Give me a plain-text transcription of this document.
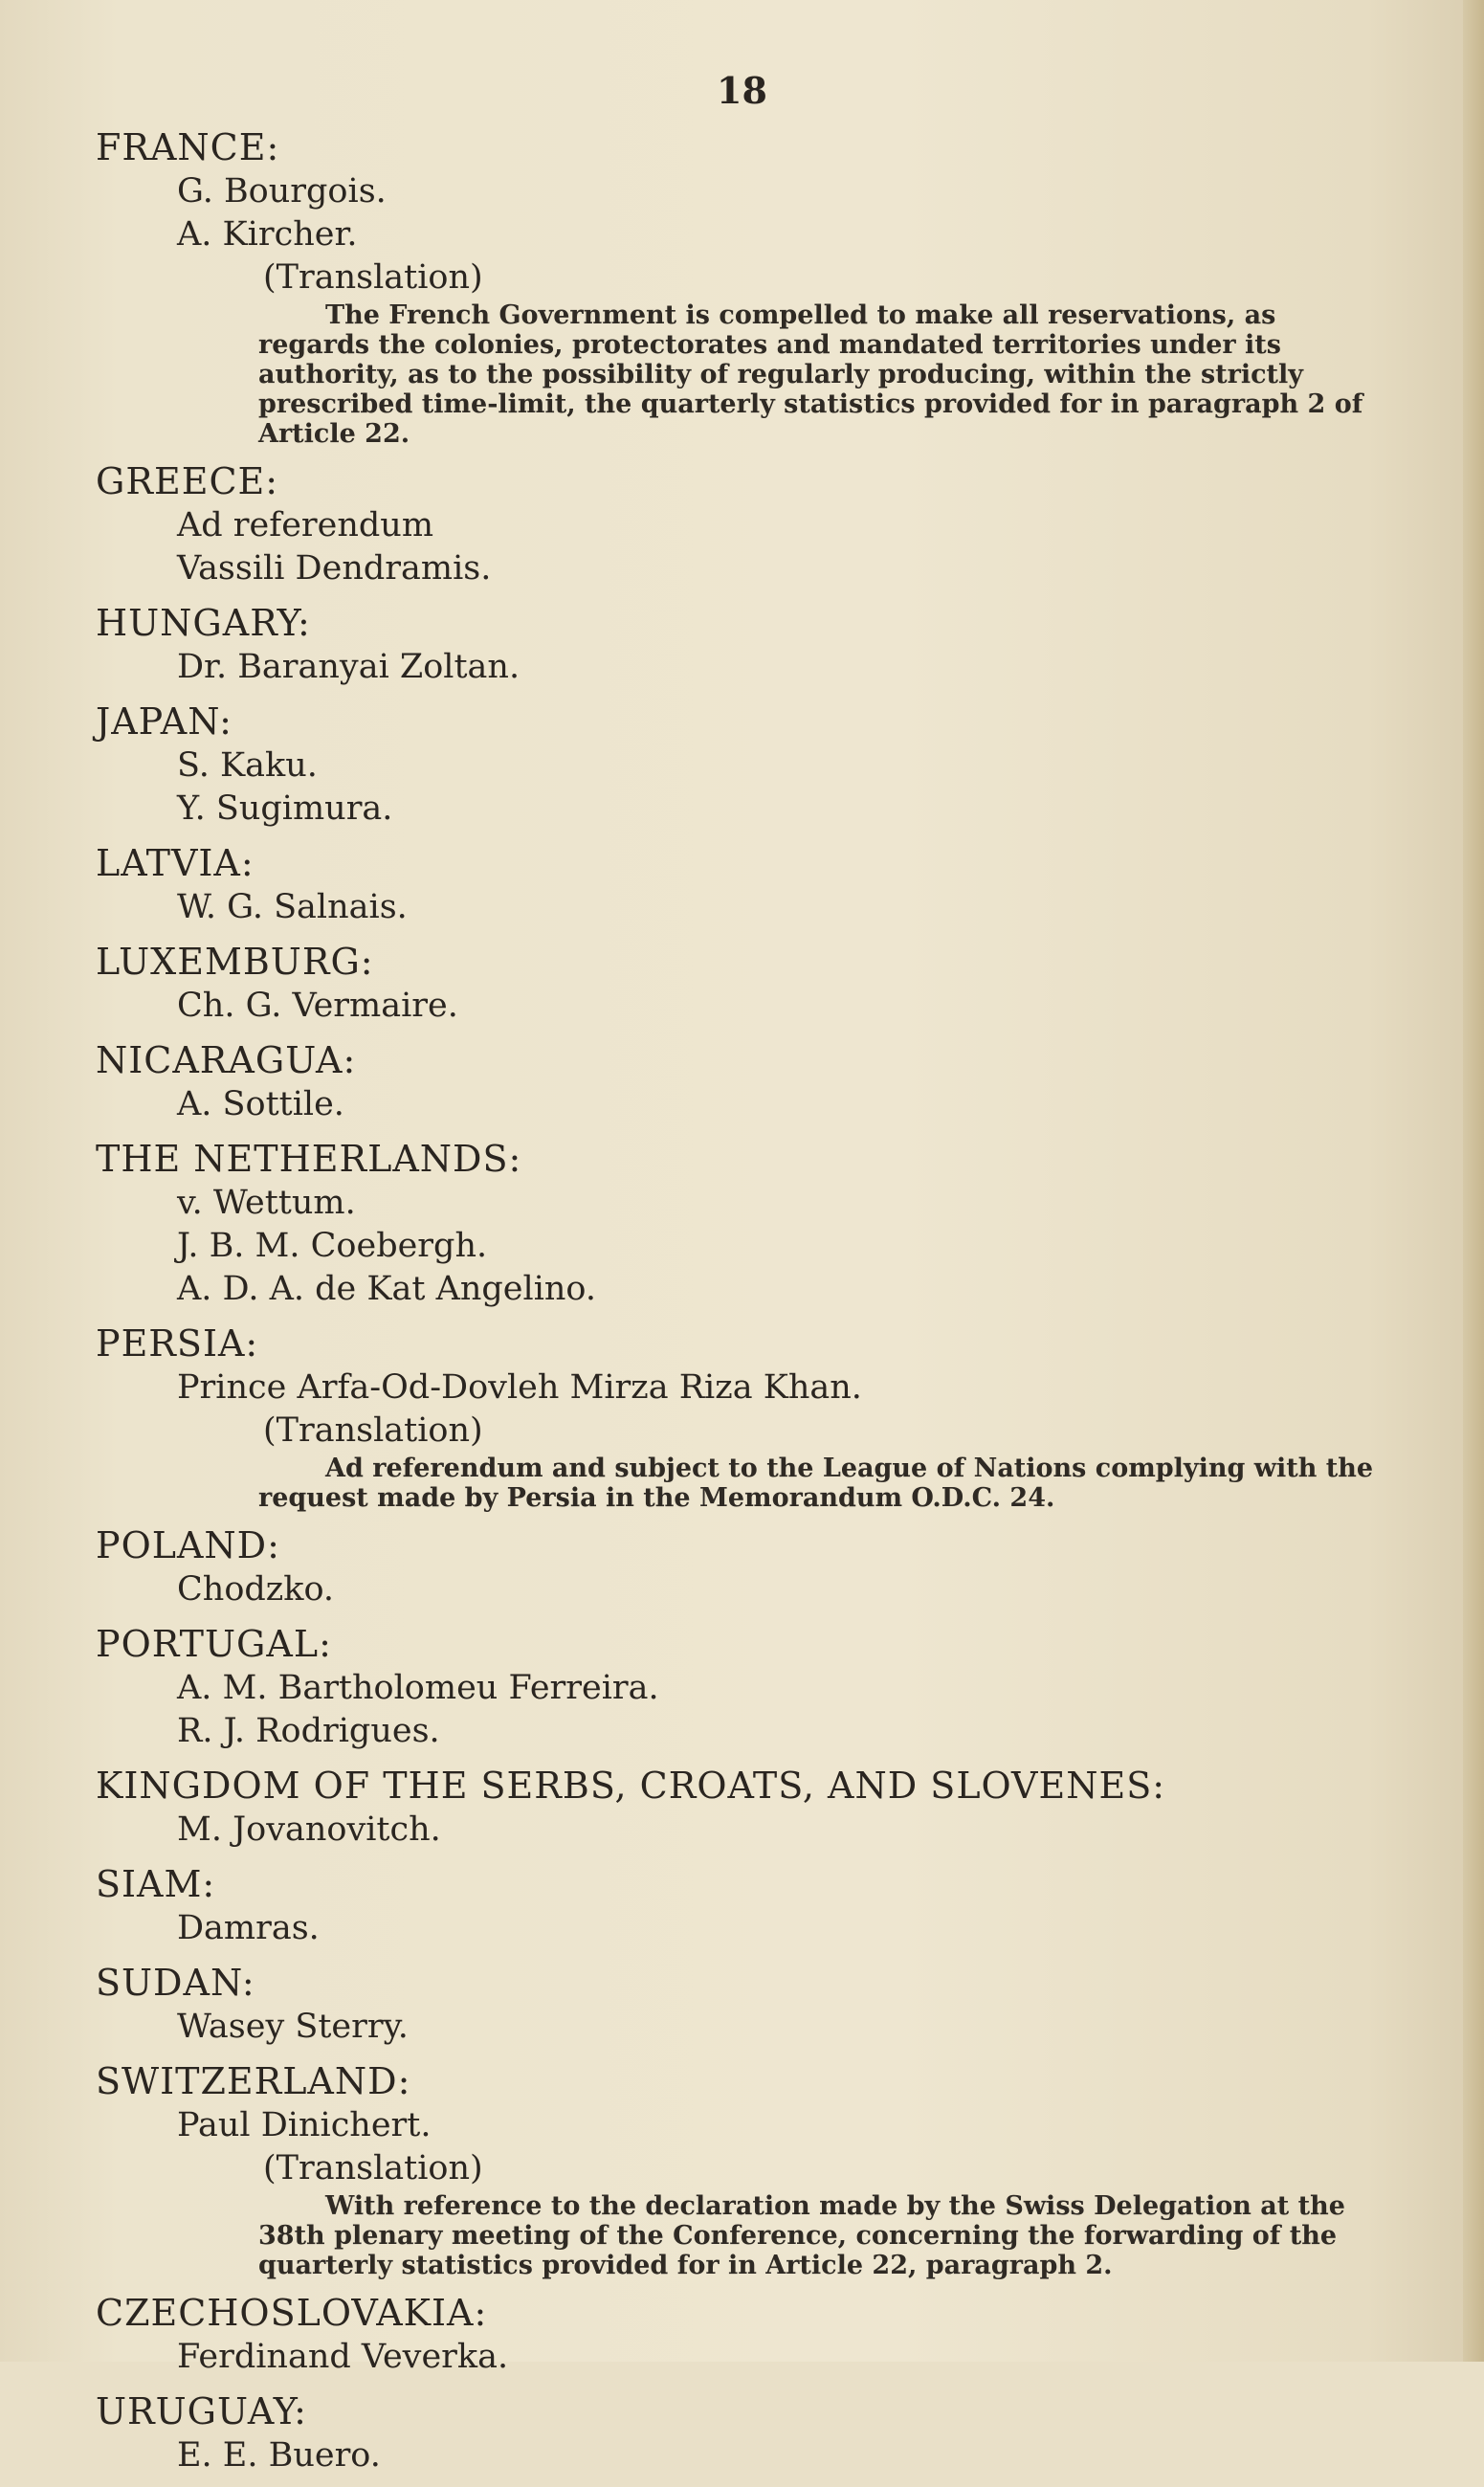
18

FRANCE:

G. Bourgois.

A. Kircher.

(Translation)

The French Government is compelled to make all reservations, as regards the colonies, protectorates and mandated territories under its authority, as to the possibility of regularly producing, within the strictly prescribed time-limit, the quarterly statistics provided for in paragraph 2 of Article 22.

GREECE:

Ad referendum

Vassili Dendramis.

HUNGARY:

Dr. Baranyai Zoltan.

JAPAN:

S. Kaku.

Y. Sugimura.

LATVIA:

W. G. Salnais.

LUXEMBURG:

Ch. G. Vermaire.

NICARAGUA:

A. Sottile.

THE NETHERLANDS:

v. Wettum.

J. B. M. Coebergh.

A. D. A. de Kat Angelino.

PERSIA:

Prince Arfa-Od-Dovleh Mirza Riza Khan.

(Translation)

Ad referendum and subject to the League of Nations complying with the request made by Persia in the Memorandum O.D.C. 24.

POLAND:

Chodzko.

PORTUGAL:

A. M. Bartholomeu Ferreira.

R. J. Rodrigues.

KINGDOM OF THE SERBS, CROATS, AND SLOVENES:

M. Jovanovitch.

SIAM:

Damras.

SUDAN:

Wasey Sterry.

SWITZERLAND:

Paul Dinichert.

(Translation)

With reference to the declaration made by the Swiss Delegation at the 38th plenary meeting of the Conference, concerning the forwarding of the quarterly statistics provided for in Article 22, paragraph 2.

CZECHOSLOVAKIA:

Ferdinand Veverka.

URUGUAY:

E. E. Buero.
